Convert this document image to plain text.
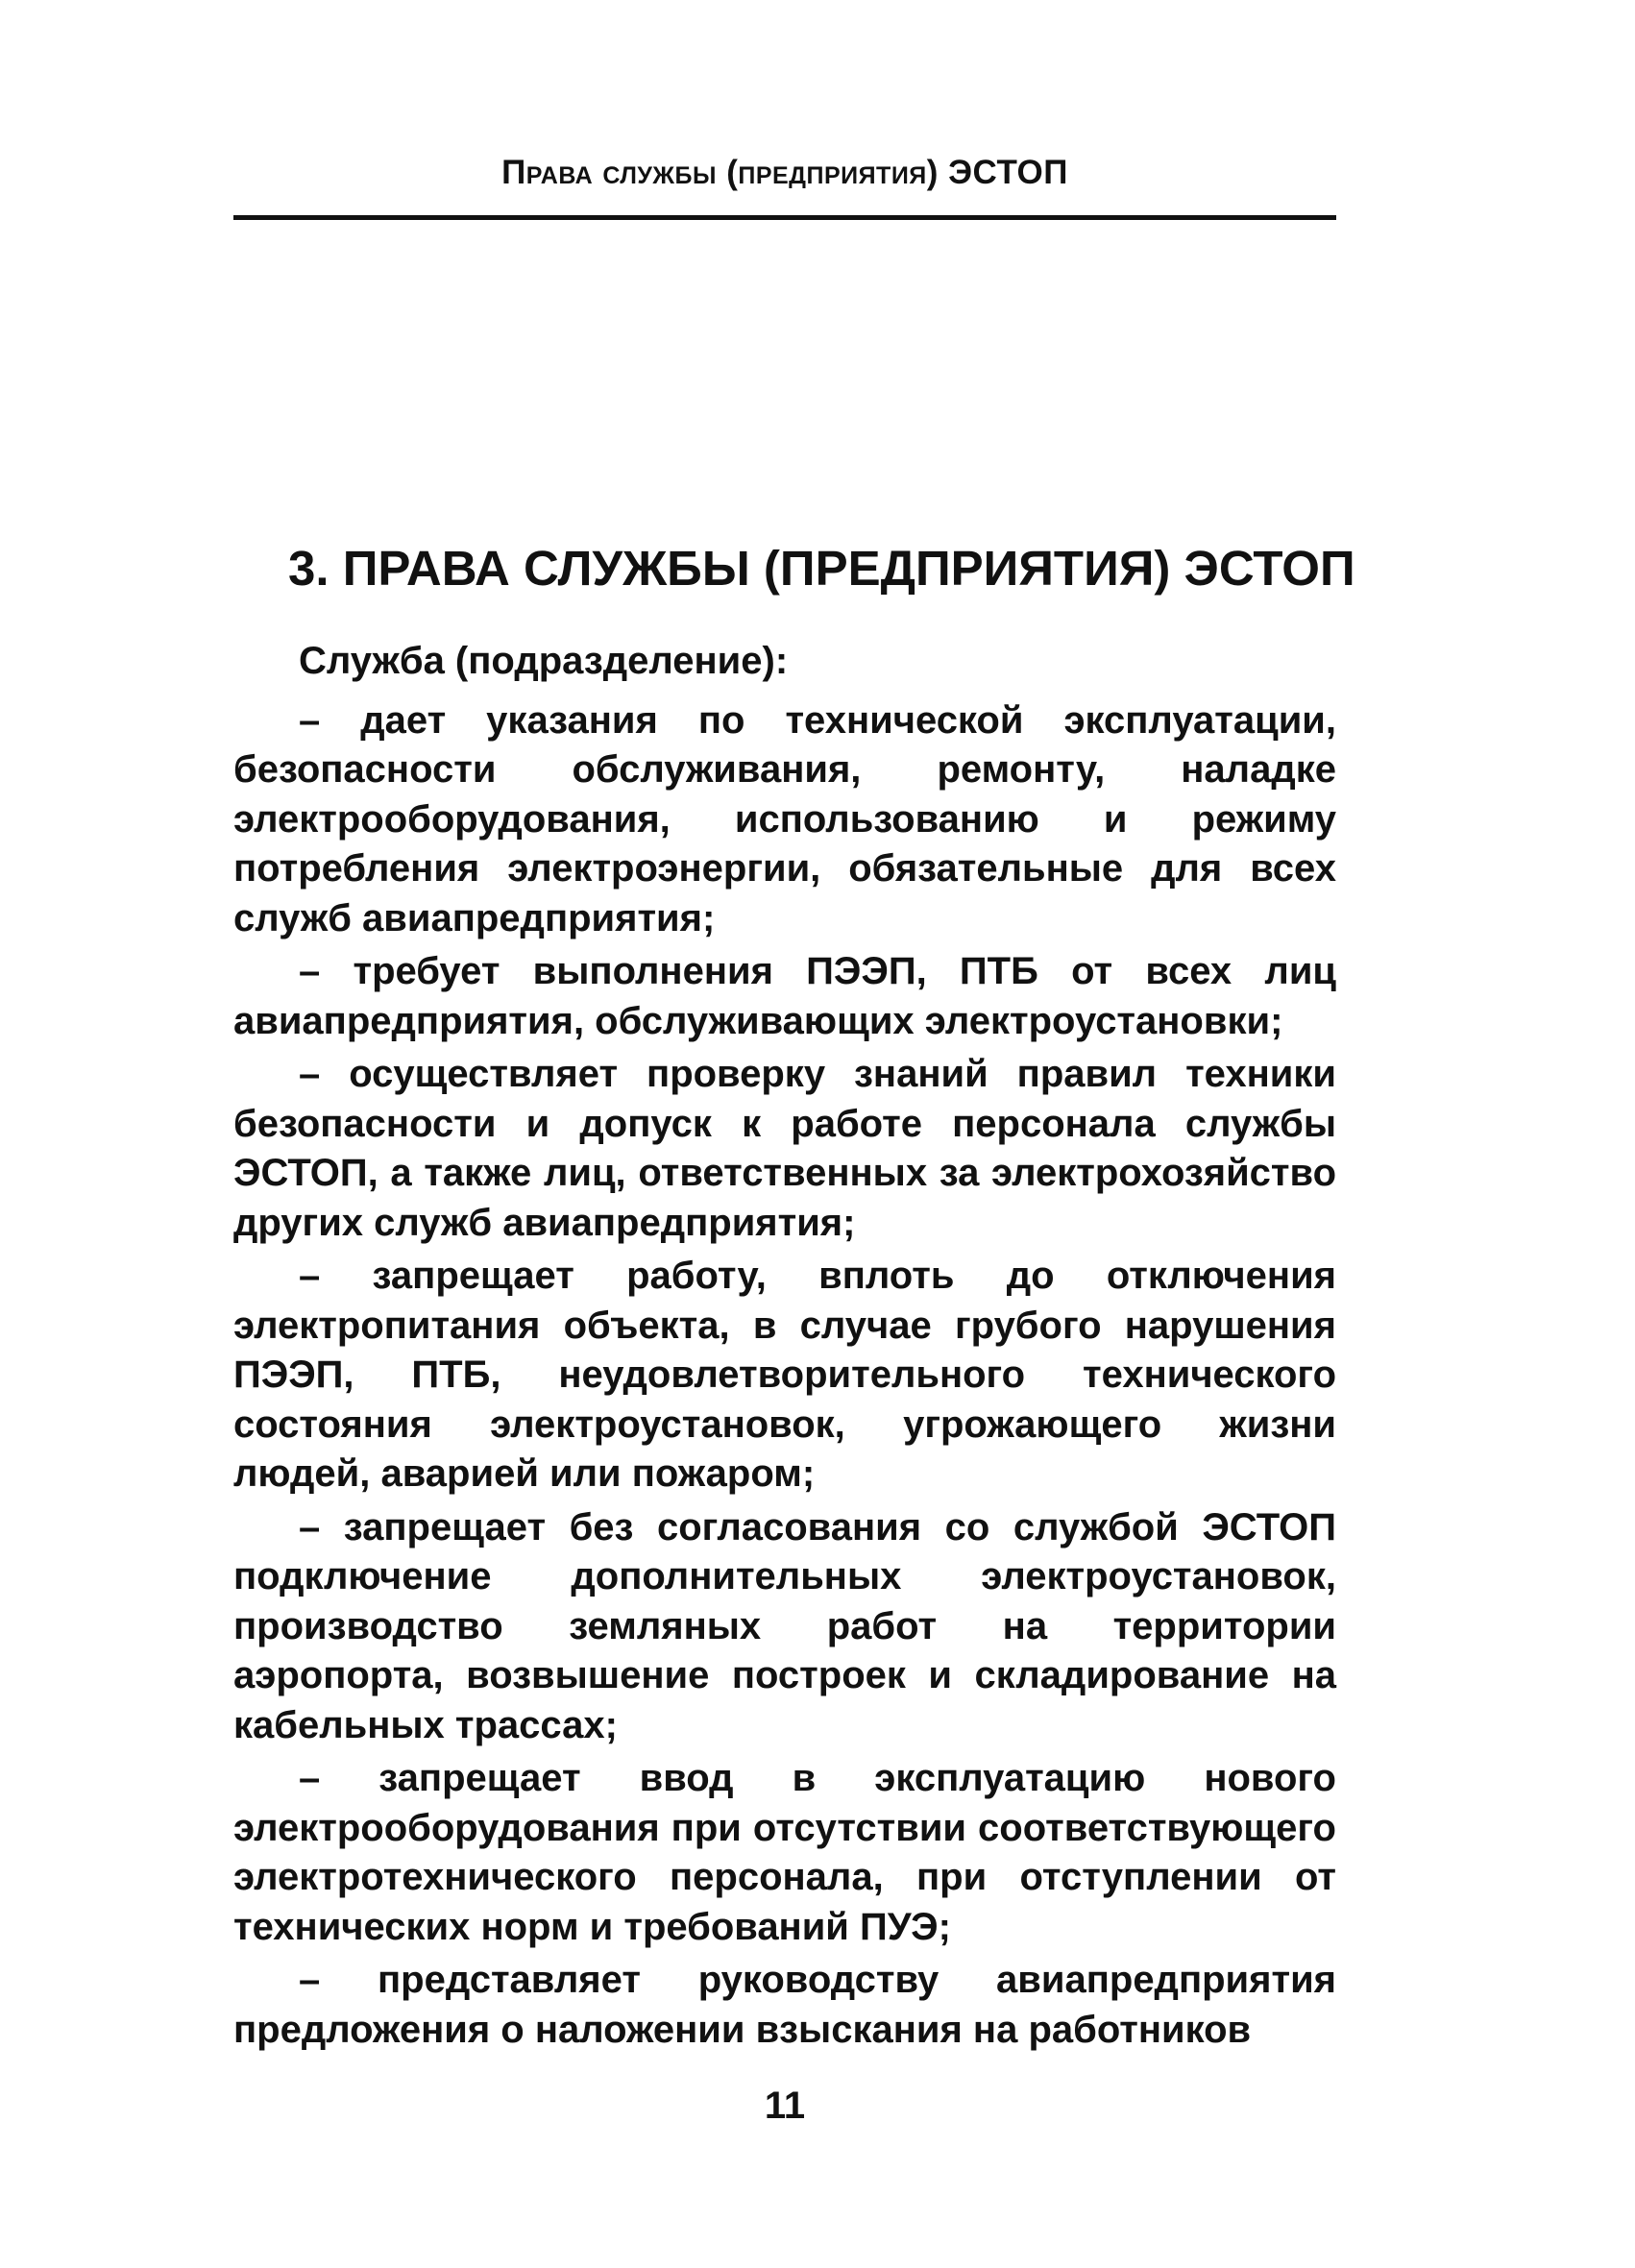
Права службы (предприятия) ЭСТОП
3. ПРАВА СЛУЖБЫ (ПРЕДПРИЯТИЯ) ЭСТОП

Служба (подразделение):

– дает указания по технической эксплуатации, безопасности обслуживания, ремонту, наладке электрооборудования, использованию и режиму потребления электроэнергии, обязательные для всех служб авиапредприятия;

– требует выполнения ПЭЭП, ПТБ от всех лиц авиапредприятия, обслуживающих электроустановки;

– осуществляет проверку знаний правил техники безопасности и допуск к работе персонала службы ЭСТОП, а также лиц, ответственных за электрохозяйство других служб авиапредприятия;

– запрещает работу, вплоть до отключения электропитания объекта, в случае грубого нарушения ПЭЭП, ПТБ, неудовлетворительного технического состояния электроустановок, угрожающего жизни людей, аварией или пожаром;

– запрещает без согласования со службой ЭСТОП подключение дополнительных электроустановок, производство земляных работ на территории аэропорта, возвышение построек и складирование на кабельных трассах;

– запрещает ввод в эксплуатацию нового электрооборудования при отсутствии соответствующего электротехнического персонала, при отступлении от технических норм и требований ПУЭ;

– представляет руководству авиапредприятия предложения о наложении взыскания на работников

11
